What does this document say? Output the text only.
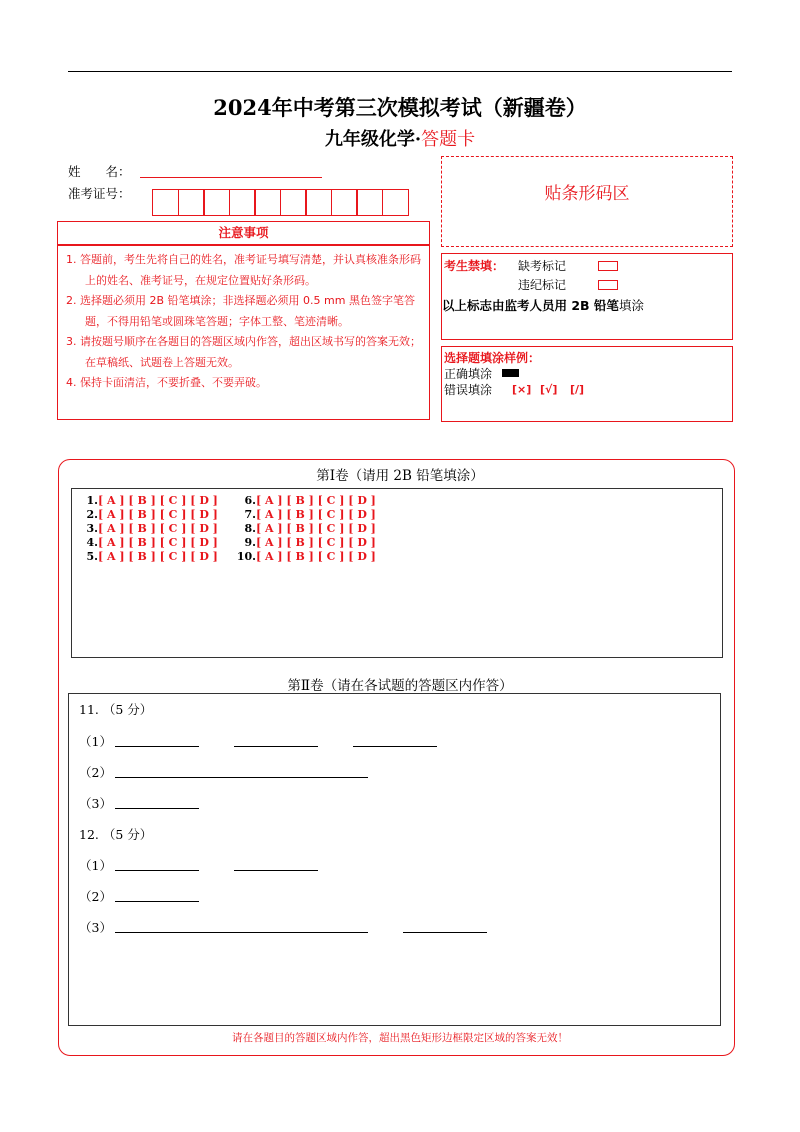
2024年中考第三次模拟考试（新疆卷）
九年级化学·答题卡
姓　　名：
准考证号：	贴条形码区
注意事项

1. 答题前，考生先将自己的姓名，准考证号填写清楚，并认真核准条形码上的姓名、准考证号，在规定位置贴好条形码。

2. 选择题必须用 2B 铅笔填涂；非选择题必须用 0.5 mm 黑色签字笔答题，不得用铅笔或圆珠笔答题；字体工整、笔迹清晰。

3. 请按题号顺序在各题目的答题区域内作答，超出区域书写的答案无效；在草稿纸、试题卷上答题无效。

4. 保持卡面清洁，不要折叠、不要弄破。

考生禁填： 缺考标记
违纪标记
以上标志由监考人员用 2B 铅笔填涂
选择题填涂样例：
正确填涂
错误填涂 [×] [√] [/]
第Ⅰ卷（请用 2B 铅笔填涂）
1.[ A ] [ B ] [ C ] [ D ]
2.[ A ] [ B ] [ C ] [ D ]
3.[ A ] [ B ] [ C ] [ D ]
4.[ A ] [ B ] [ C ] [ D ]
5.[ A ] [ B ] [ C ] [ D ]
6.[ A ] [ B ] [ C ] [ D ]
7.[ A ] [ B ] [ C ] [ D ]
8.[ A ] [ B ] [ C ] [ D ]
9.[ A ] [ B ] [ C ] [ D ]
10.[ A ] [ B ] [ C ] [ D ]
第Ⅱ卷（请在各试题的答题区内作答）
11. （5 分）
（1）
（2）
（3）
12. （5 分）
（1）
（2）
（3）
请在各题目的答题区域内作答，超出黑色矩形边框限定区域的答案无效！
